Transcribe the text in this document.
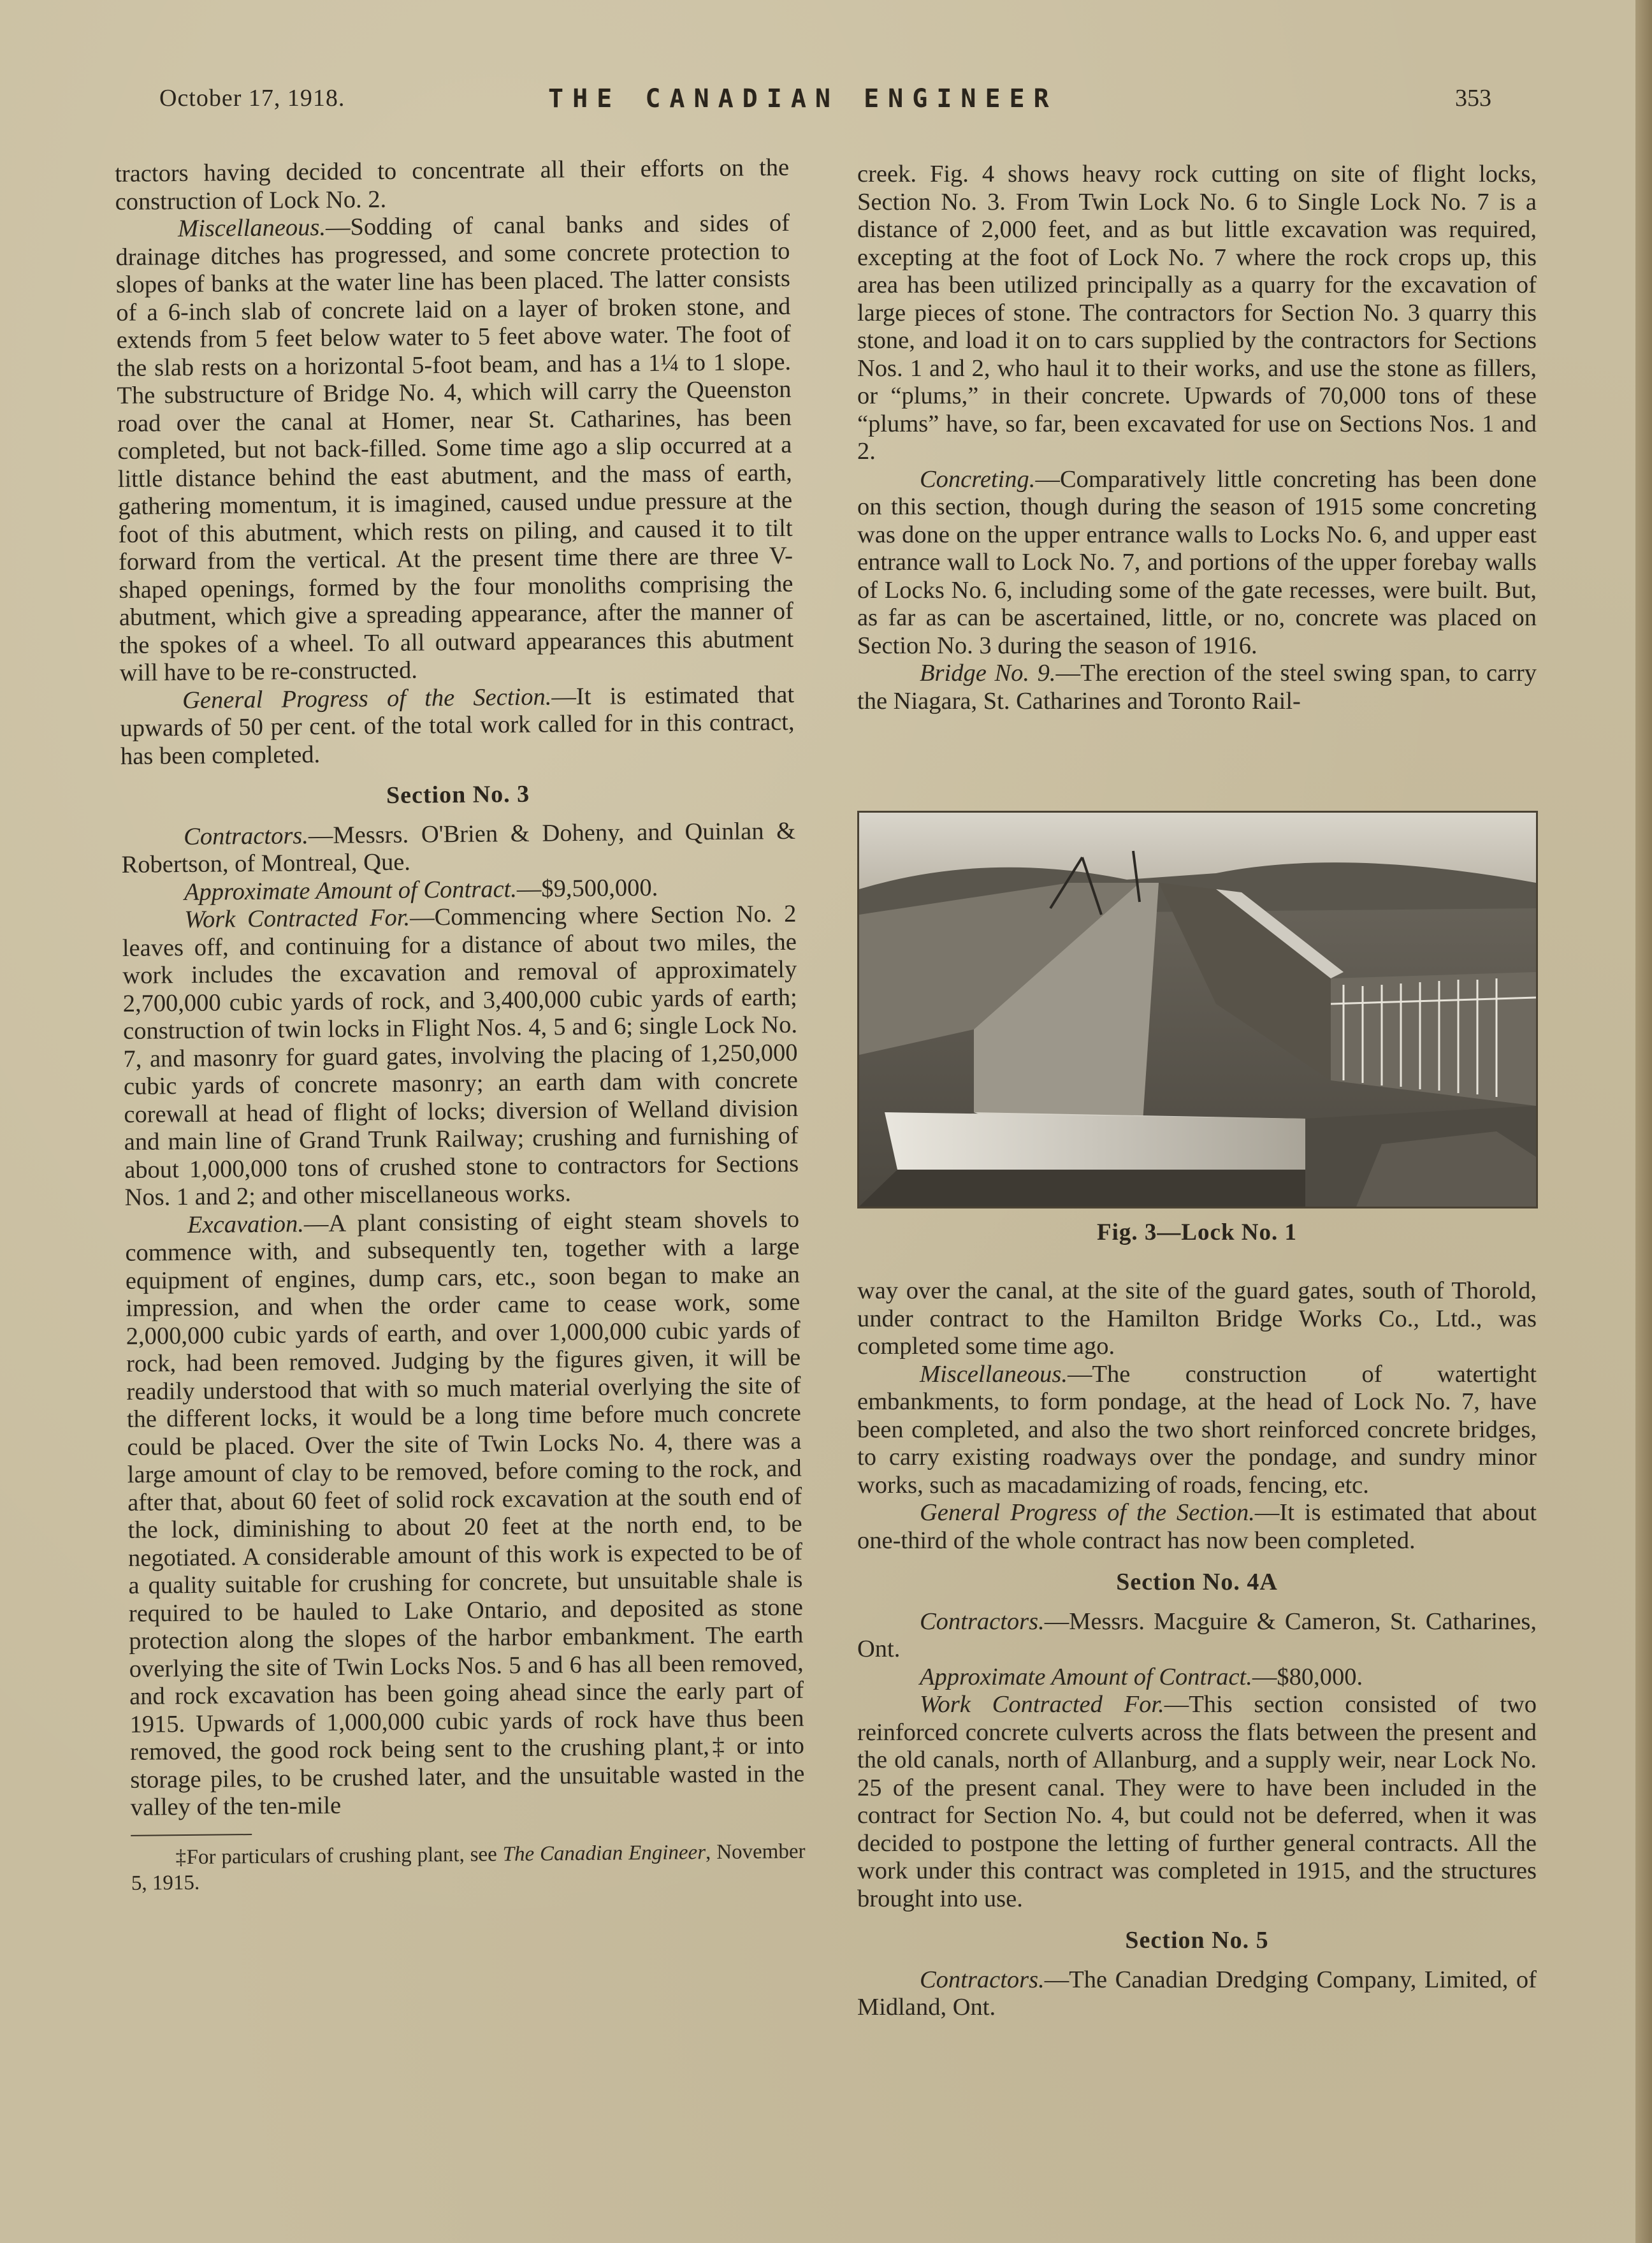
October 17, 1918.	THE CANADIAN ENGINEER	353

tractors having decided to concentrate all their efforts on the construction of Lock No. 2.

Miscellaneous.—Sodding of canal banks and sides of drainage ditches has progressed, and some concrete protection to slopes of banks at the water line has been placed. The latter consists of a 6-inch slab of concrete laid on a layer of broken stone, and extends from 5 feet below water to 5 feet above water. The foot of the slab rests on a horizontal 5-foot beam, and has a 1¼ to 1 slope. The substructure of Bridge No. 4, which will carry the Queenston road over the canal at Homer, near St. Catharines, has been completed, but not back-filled. Some time ago a slip occurred at a little distance behind the east abutment, and the mass of earth, gathering momentum, it is imagined, caused undue pressure at the foot of this abutment, which rests on piling, and caused it to tilt forward from the vertical. At the present time there are three V-shaped openings, formed by the four monoliths comprising the abutment, which give a spreading appearance, after the manner of the spokes of a wheel. To all outward appearances this abutment will have to be re-constructed.

General Progress of the Section.—It is estimated that upwards of 50 per cent. of the total work called for in this contract, has been completed.

Section No. 3

Contractors.—Messrs. O'Brien & Doheny, and Quinlan & Robertson, of Montreal, Que.

Approximate Amount of Contract.—$9,500,000.

Work Contracted For.—Commencing where Section No. 2 leaves off, and continuing for a distance of about two miles, the work includes the excavation and removal of approximately 2,700,000 cubic yards of rock, and 3,400,000 cubic yards of earth; construction of twin locks in Flight Nos. 4, 5 and 6; single Lock No. 7, and masonry for guard gates, involving the placing of 1,250,000 cubic yards of concrete masonry; an earth dam with concrete corewall at head of flight of locks; diversion of Welland division and main line of Grand Trunk Railway; crushing and furnishing of about 1,000,000 tons of crushed stone to contractors for Sections Nos. 1 and 2; and other miscellaneous works.

Excavation.—A plant consisting of eight steam shovels to commence with, and subsequently ten, together with a large equipment of engines, dump cars, etc., soon began to make an impression, and when the order came to cease work, some 2,000,000 cubic yards of earth, and over 1,000,000 cubic yards of rock, had been removed. Judging by the figures given, it will be readily understood that with so much material overlying the site of the different locks, it would be a long time before much concrete could be placed. Over the site of Twin Locks No. 4, there was a large amount of clay to be removed, before coming to the rock, and after that, about 60 feet of solid rock excavation at the south end of the lock, diminishing to about 20 feet at the north end, to be negotiated. A considerable amount of this work is expected to be of a quality suitable for crushing for concrete, but unsuitable shale is required to be hauled to Lake Ontario, and deposited as stone protection along the slopes of the harbor embankment. The earth overlying the site of Twin Locks Nos. 5 and 6 has all been removed, and rock excavation has been going ahead since the early part of 1915. Upwards of 1,000,000 cubic yards of rock have thus been removed, the good rock being sent to the crushing plant,‡ or into storage piles, to be crushed later, and the unsuitable wasted in the valley of the ten-mile

‡For particulars of crushing plant, see The Canadian Engineer, November 5, 1915.

creek. Fig. 4 shows heavy rock cutting on site of flight locks, Section No. 3. From Twin Lock No. 6 to Single Lock No. 7 is a distance of 2,000 feet, and as but little excavation was required, excepting at the foot of Lock No. 7 where the rock crops up, this area has been utilized principally as a quarry for the excavation of large pieces of stone. The contractors for Section No. 3 quarry this stone, and load it on to cars supplied by the contractors for Sections Nos. 1 and 2, who haul it to their works, and use the stone as fillers, or “plums,” in their concrete. Upwards of 70,000 tons of these “plums” have, so far, been excavated for use on Sections Nos. 1 and 2.

Concreting.—Comparatively little concreting has been done on this section, though during the season of 1915 some concreting was done on the upper entrance walls to Locks No. 6, and upper east entrance wall to Lock No. 7, and portions of the upper forebay walls of Locks No. 6, including some of the gate recesses, were built. But, as far as can be ascertained, little, or no, concrete was placed on Section No. 3 during the season of 1916.

Bridge No. 9.—The erection of the steel swing span, to carry the Niagara, St. Catharines and Toronto Rail-

Fig. 3—Lock No. 1

way over the canal, at the site of the guard gates, south of Thorold, under contract to the Hamilton Bridge Works Co., Ltd., was completed some time ago.

Miscellaneous.—The construction of watertight embankments, to form pondage, at the head of Lock No. 7, have been completed, and also the two short reinforced concrete bridges, to carry existing roadways over the pondage, and sundry minor works, such as macadamizing of roads, fencing, etc.

General Progress of the Section.—It is estimated that about one-third of the whole contract has now been completed.

Section No. 4A

Contractors.—Messrs. Macguire & Cameron, St. Catharines, Ont.

Approximate Amount of Contract.—$80,000.

Work Contracted For.—This section consisted of two reinforced concrete culverts across the flats between the present and the old canals, north of Allanburg, and a supply weir, near Lock No. 25 of the present canal. They were to have been included in the contract for Section No. 4, but could not be deferred, when it was decided to postpone the letting of further general contracts. All the work under this contract was completed in 1915, and the structures brought into use.

Section No. 5

Contractors.—The Canadian Dredging Company, Limited, of Midland, Ont.
